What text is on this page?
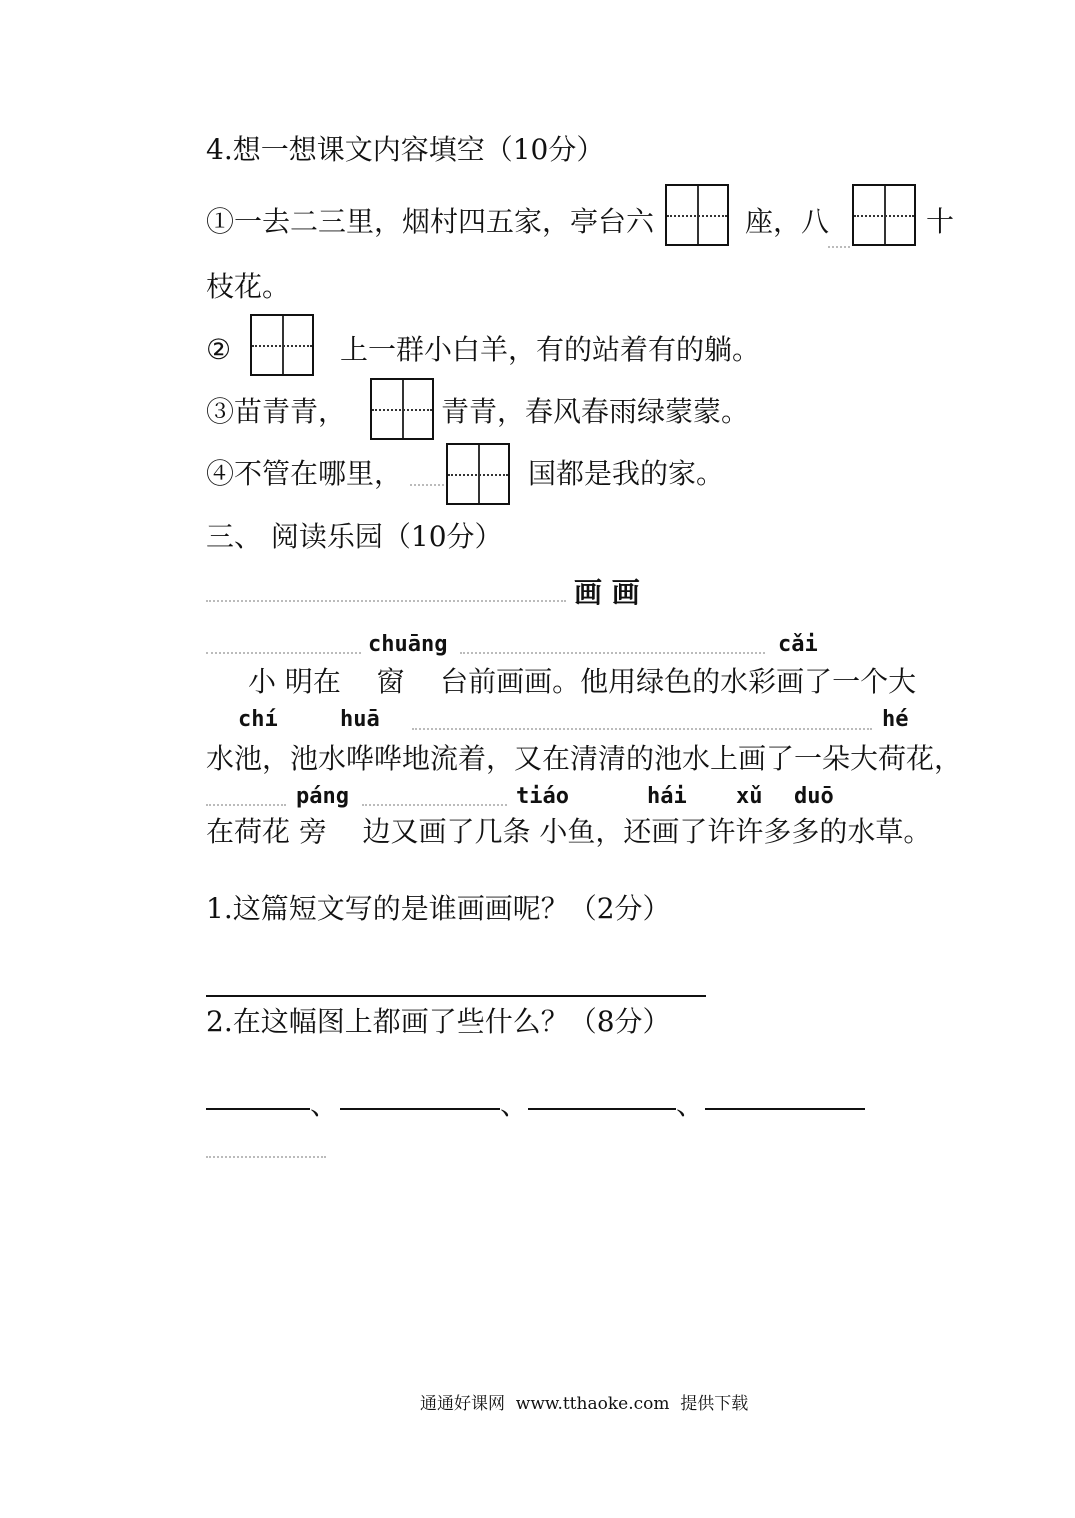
4.想一想课文内容填空（10分）
①一去二三里，烟村四五家，亭台六	座，八	十
枝花。
②	上一群小白羊，有的站着有的躺。
③苗青青，	青青，春风春雨绿蒙蒙。
④不管在哪里，	国都是我的家。
三、 阅读乐园（10分）
画 画
chuāng	cǎi
小 明在    窗    台前画画。他用绿色的水彩画了一个大
chí	huā	hé
水池，池水哗哗地流着，又在清清的池水上画了一朵大荷花，
páng	tiáo	hái xǔ duō
在荷花 旁    边又画了几条 小鱼，还画了许许多多的水草。
1.这篇短文写的是谁画画呢？（2分）
2.在这幅图上都画了些什么？（8分）
、	、	、
通通好课网  www.tthaoke.com  提供下载
